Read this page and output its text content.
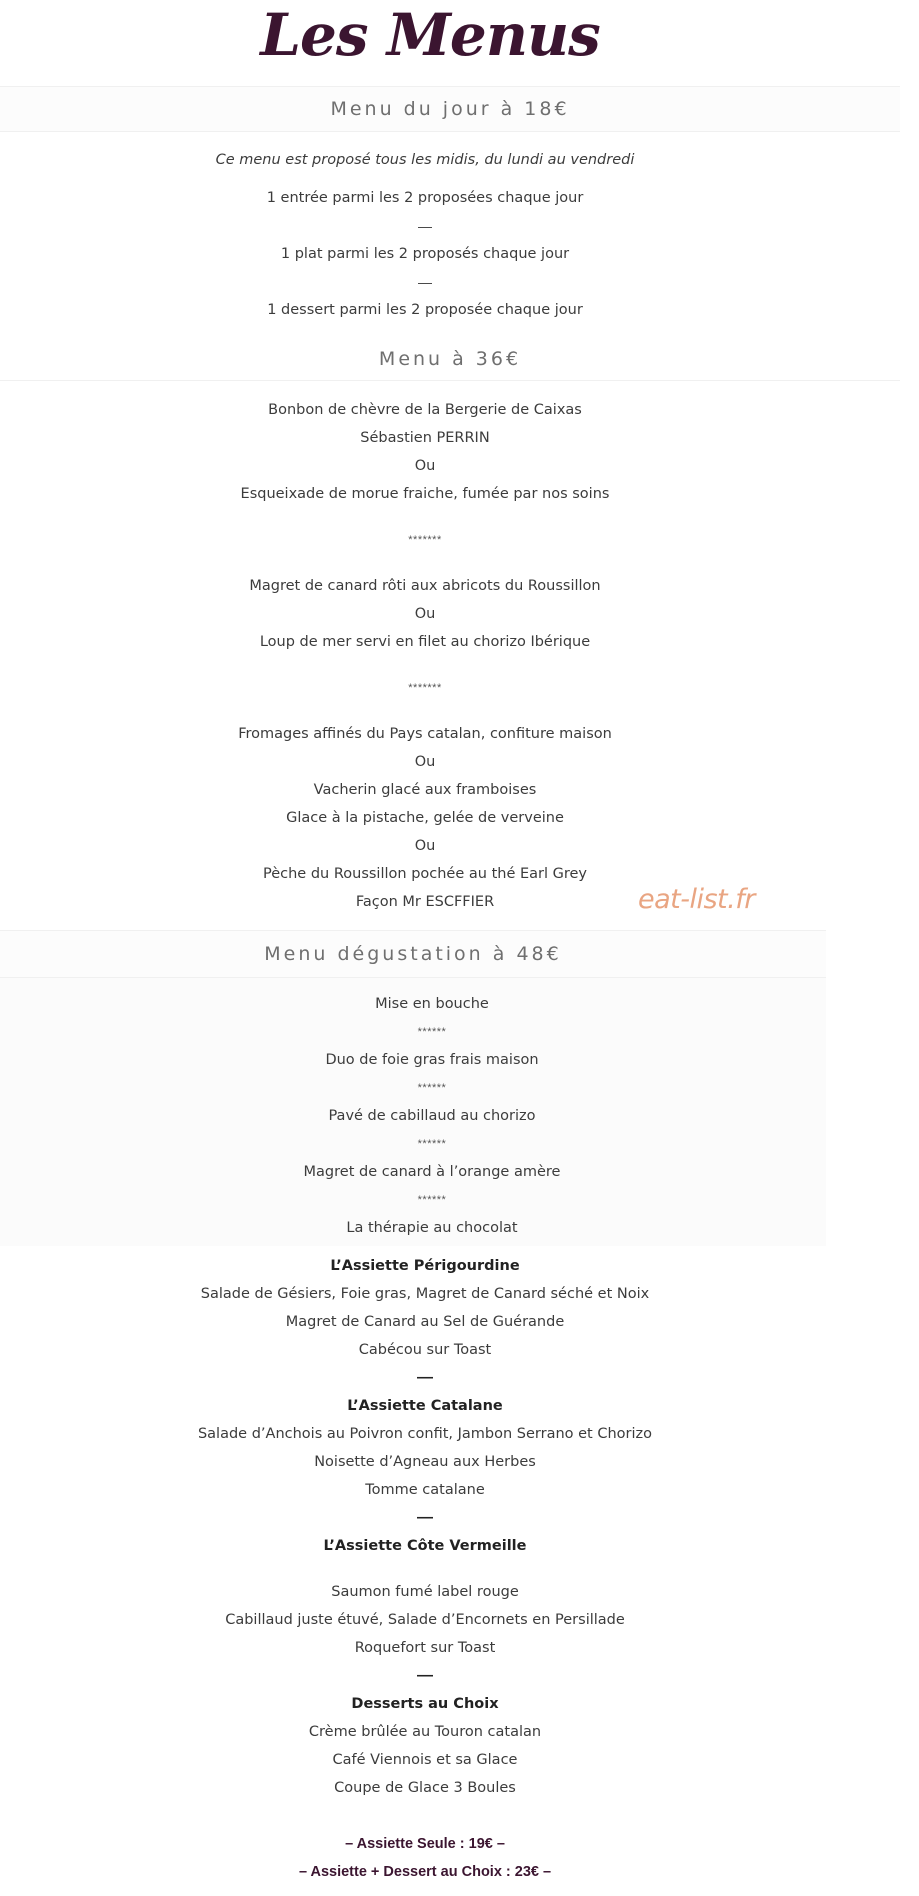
Les Menus
Menu du jour à 18€
Ce menu est proposé tous les midis, du lundi au vendredi
1 entrée parmi les 2 proposées chaque jour
—
1 plat parmi les 2 proposés chaque jour
—
1 dessert parmi les 2 proposée chaque jour
Menu à 36€
Bonbon de chèvre de la Bergerie de Caixas
Sébastien PERRIN
Ou
Esqueixade de morue fraiche, fumée par nos soins
*******
Magret de canard rôti aux abricots du Roussillon
Ou
Loup de mer servi en filet au chorizo Ibérique
*******
Fromages affinés du Pays catalan, confiture maison
Ou
Vacherin glacé aux framboises
Glace à la pistache, gelée de verveine
Ou
Pèche du Roussillon pochée au thé Earl Grey
Façon Mr ESCFFIER	eat-list.fr
Menu dégustation à 48€
Mise en bouche
******
Duo de foie gras frais maison
******
Pavé de cabillaud au chorizo
******
Magret de canard à l’orange amère
******
La thérapie au chocolat
L’Assiette Périgourdine
Salade de Gésiers, Foie gras, Magret de Canard séché et Noix
Magret de Canard au Sel de Guérande
Cabécou sur Toast
—
L’Assiette Catalane
Salade d’Anchois au Poivron confit, Jambon Serrano et Chorizo
Noisette d’Agneau aux Herbes
Tomme catalane
—
L’Assiette Côte Vermeille
Saumon fumé label rouge
Cabillaud juste étuvé, Salade d’Encornets en Persillade
Roquefort sur Toast
—
Desserts au Choix
Crème brûlée au Touron catalan
Café Viennois et sa Glace
Coupe de Glace 3 Boules
– Assiette Seule : 19€ –
– Assiette + Dessert au Choix : 23€ –
